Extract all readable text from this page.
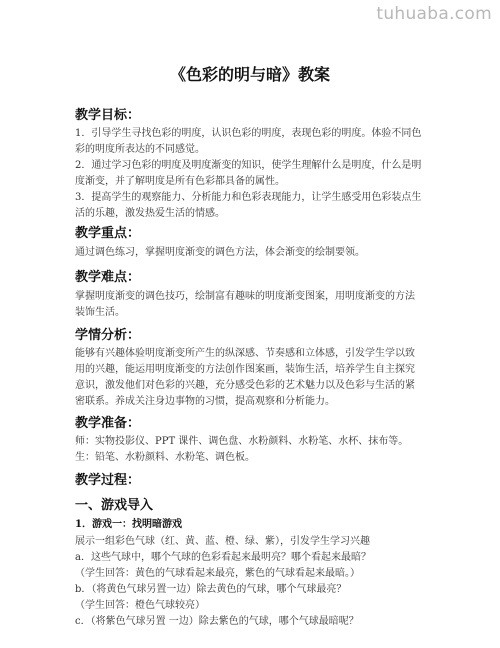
tuhuaba.com
《色彩的明与暗》教案
教学目标：
1．引导学生寻找色彩的明度，认识色彩的明度，表现色彩的明度。体验不同色
彩的明度所表达的不同感觉。
2．通过学习色彩的明度及明度渐变的知识，使学生理解什么是明度，什么是明
度渐变，并了解明度是所有色彩都具备的属性。
3．提高学生的观察能力、分析能力和色彩表现能力，让学生感受用色彩装点生
活的乐趣，激发热爱生活的情感。
教学重点：
通过调色练习，掌握明度渐变的调色方法，体会渐变的绘制要领。
教学难点：
掌握明度渐变的调色技巧，绘制富有趣味的明度渐变图案，用明度渐变的方法
装饰生活。
学情分析：
能够有兴趣体验明度渐变所产生的纵深感、节奏感和立体感，引发学生学以致
用的兴趣，能运用明度渐变的方法创作图案画，装饰生活，培养学生自主探究
意识，激发他们对色彩的兴趣，充分感受色彩的艺术魅力以及色彩与生活的紧
密联系。养成关注身边事物的习惯，提高观察和分析能力。
教学准备：
师：实物投影仪、PPT 课件、调色盘、水粉颜料、水粉笔、水杯、抹布等。
生：铅笔、水粉颜料、水粉笔、调色板。
教学过程：
一、游戏导入
1．游戏一：找明暗游戏
展示一组彩色气球（红、黄、蓝、橙、绿、紫），引发学生学习兴趣
a．这些气球中，哪个气球的色彩看起来最明亮？哪个看起来最暗？
（学生回答：黄色的气球看起来最亮，紫色的气球看起来最暗。）
b．（将黄色气球另置一边）除去黄色的气球，哪个气球最亮？
（学生回答：橙色气球较亮）
c．（将紫色气球另置 一边）除去紫色的气球，哪个气球最暗呢？
